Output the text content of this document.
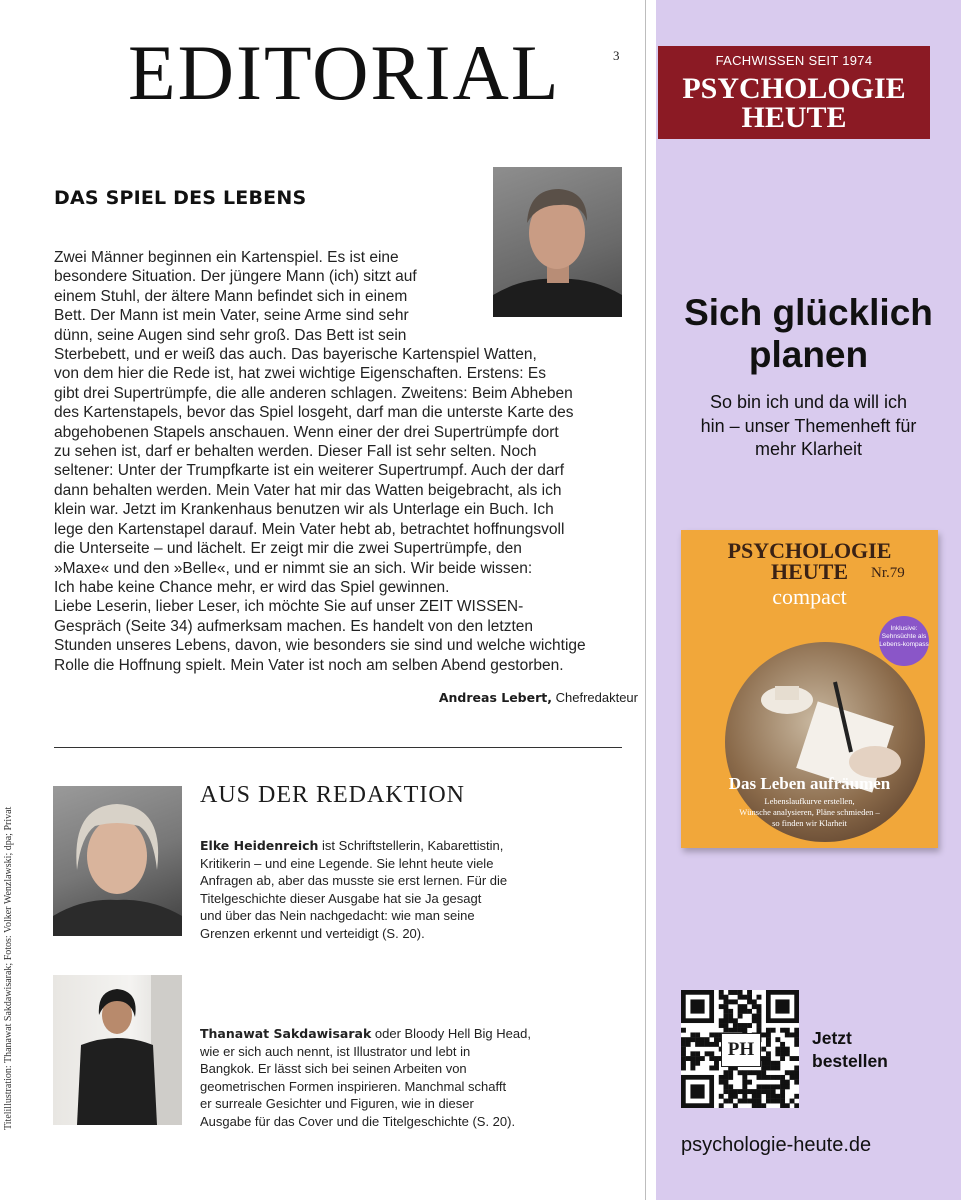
EDITORIAL	3
DAS SPIEL DES LEBENS
Zwei Männer beginnen ein Kartenspiel. Es ist eine
besondere Situation. Der jüngere Mann (ich) sitzt auf
einem Stuhl, der ältere Mann befindet sich in einem
Bett. Der Mann ist mein Vater, seine Arme sind sehr
dünn, seine Augen sind sehr groß. Das Bett ist sein
Sterbebett, und er weiß das auch. Das bayerische Kartenspiel Watten,
von dem hier die Rede ist, hat zwei wichtige Eigenschaften. Erstens: Es
gibt drei Supertrümpfe, die alle anderen schlagen. Zweitens: Beim Abheben
des Kartenstapels, bevor das Spiel losgeht, darf man die unterste Karte des
abgehobenen Stapels anschauen. Wenn einer der drei Supertrümpfe dort
zu sehen ist, darf er behalten werden. Dieser Fall ist sehr selten. Noch
seltener: Unter der Trumpfkarte ist ein weiterer Supertrumpf. Auch der darf
dann behalten werden. Mein Vater hat mir das Watten beigebracht, als ich
klein war. Jetzt im Krankenhaus benutzen wir als Unterlage ein Buch. Ich
lege den Kartenstapel darauf. Mein Vater hebt ab, betrachtet hoffnungsvoll
die Unterseite – und lächelt. Er zeigt mir die zwei Supertrümpfe, den
»Maxe« und den »Belle«, und er nimmt sie an sich. Wir beide wissen:
Ich habe keine Chance mehr, er wird das Spiel gewinnen.
Liebe Leserin, lieber Leser, ich möchte Sie auf unser ZEIT WISSEN-
Gespräch (Seite 34) aufmerksam machen. Es handelt von den letzten
Stunden unseres Lebens, davon, wie besonders sie sind und welche wichtige
Rolle die Hoffnung spielt. Mein Vater ist noch am selben Abend gestorben.
Andreas Lebert, Chefredakteur
AUS DER REDAKTION
Elke Heidenreich ist Schriftstellerin, Kabarettistin,
Kritikerin – und eine Legende. Sie lehnt heute viele
Anfragen ab, aber das musste sie erst lernen. Für die
Titelgeschichte dieser Ausgabe hat sie Ja gesagt
und über das Nein nachgedacht: wie man seine
Grenzen erkennt und verteidigt (S. 20).
Thanawat Sakdawisarak oder Bloody Hell Big Head,
wie er sich auch nennt, ist Illustrator und lebt in
Bangkok. Er lässt sich bei seinen Arbeiten von
geometrischen Formen inspirieren. Manchmal schafft
er surreale Gesichter und Figuren, wie in dieser
Ausgabe für das Cover und die Titelgeschichte (S. 20).
Titelillustration: Thanawat Sakdawisarak; Fotos: Volker Wenzlawski; dpa; Privat
FACHWISSEN SEIT 1974
PSYCHOLOGIE
HEUTE
Sich glücklich
planen
So bin ich und da will ich
hin – unser Themenheft für
mehr Klarheit
PSYCHOLOGIE
HEUTE
compact
Nr.79
Inklusive: Sehnsüchte als Lebens-kompass
Das Leben aufräumen
Lebenslaufkurve erstellen,
Wünsche analysieren, Pläne schmieden –
so finden wir Klarheit
PH
Jetzt
bestellen
psychologie-heute.de
